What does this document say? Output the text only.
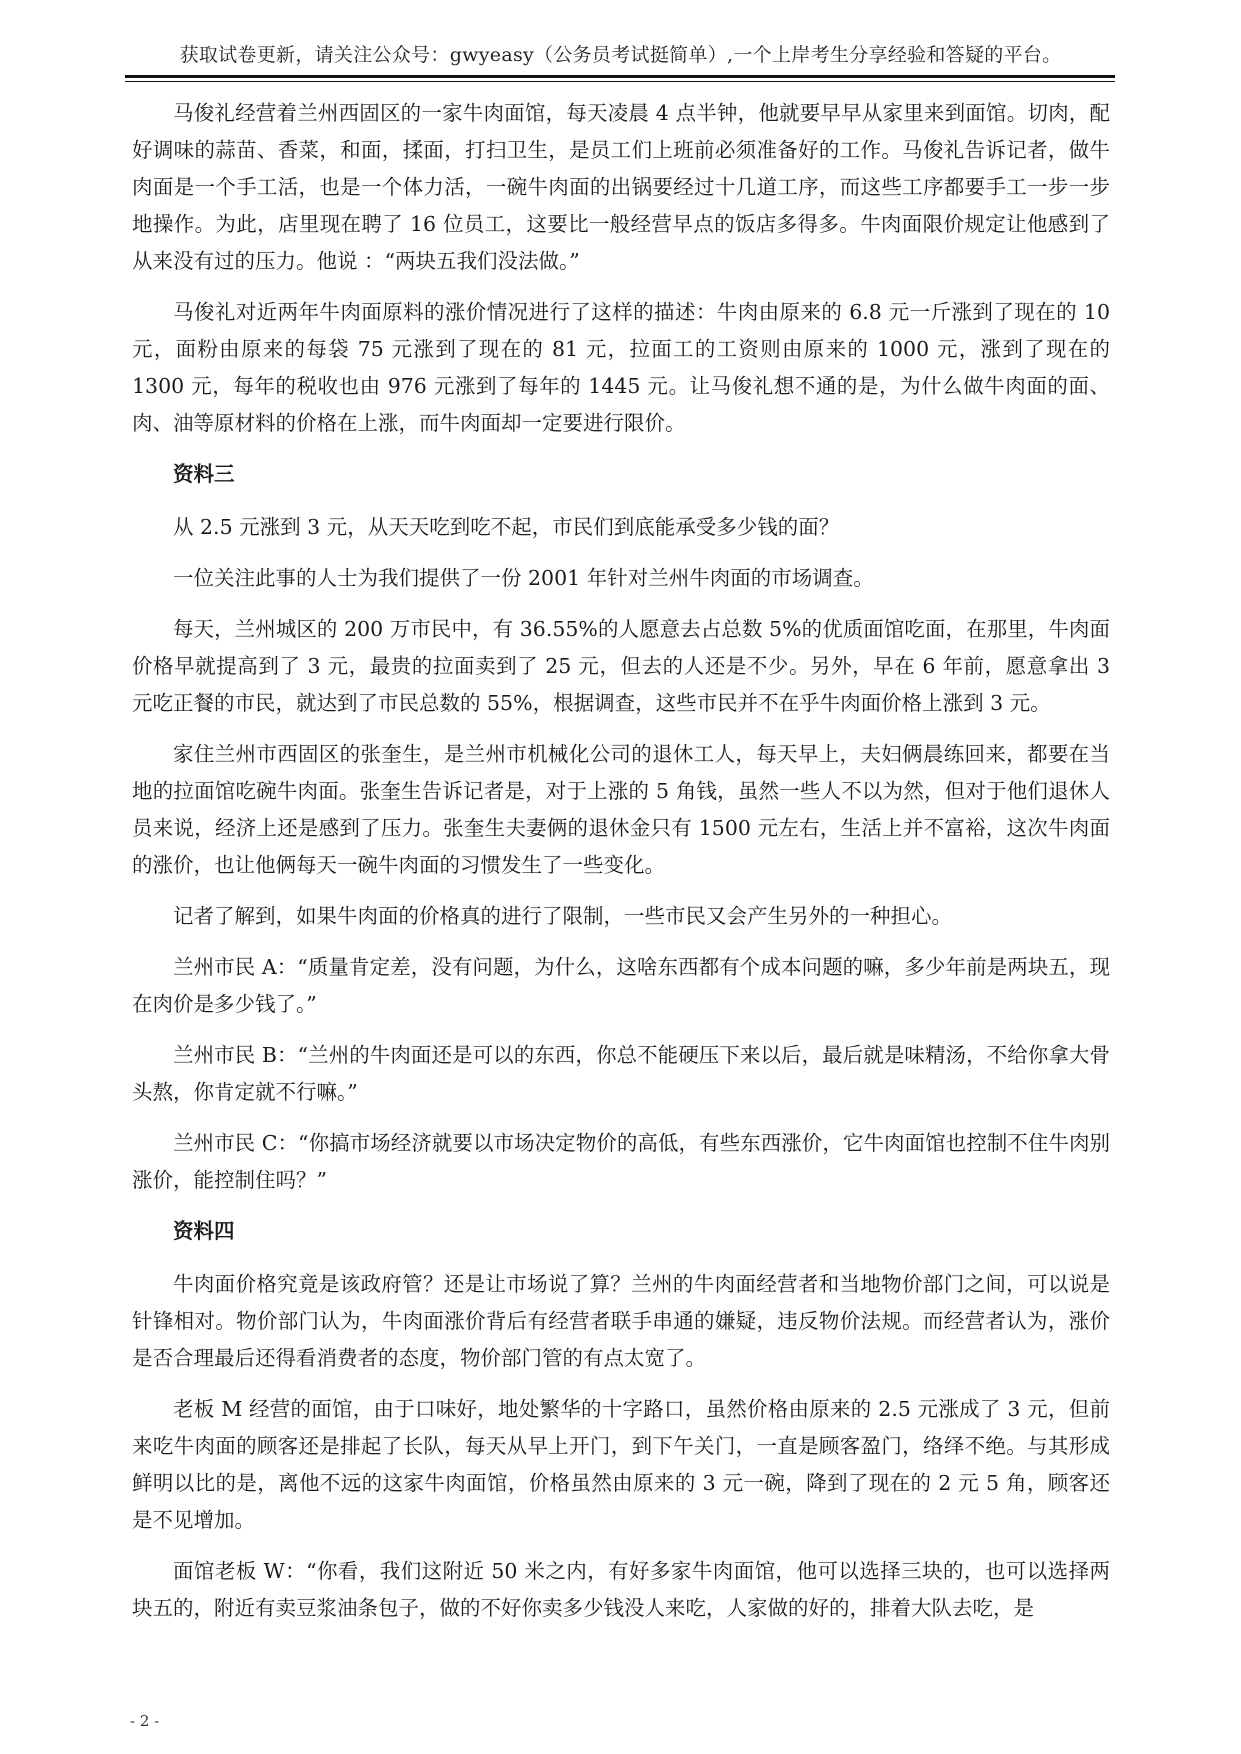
获取试卷更新，请关注公众号：gwyeasy（公务员考试挺简单）,一个上岸考生分享经验和答疑的平台。

马俊礼经营着兰州西固区的一家牛肉面馆，每天凌晨 4 点半钟，他就要早早从家里来到面馆。切肉，配好调味的蒜苗、香菜，和面，揉面，打扫卫生，是员工们上班前必须准备好的工作。马俊礼告诉记者，做牛肉面是一个手工活，也是一个体力活，一碗牛肉面的出锅要经过十几道工序，而这些工序都要手工一步一步地操作。为此，店里现在聘了 16 位员工，这要比一般经营早点的饭店多得多。牛肉面限价规定让他感到了从来没有过的压力。他说 ：“两块五我们没法做。”

马俊礼对近两年牛肉面原料的涨价情况进行了这样的描述：牛肉由原来的 6.8 元一斤涨到了现在的 10 元，面粉由原来的每袋 75 元涨到了现在的 81 元，拉面工的工资则由原来的 1000 元，涨到了现在的 1300 元，每年的税收也由 976 元涨到了每年的 1445 元。让马俊礼想不通的是，为什么做牛肉面的面、肉、油等原材料的价格在上涨，而牛肉面却一定要进行限价。

资料三

从 2.5 元涨到 3 元，从天天吃到吃不起，市民们到底能承受多少钱的面？

一位关注此事的人士为我们提供了一份 2001 年针对兰州牛肉面的市场调查。

每天，兰州城区的 200 万市民中，有 36.55%的人愿意去占总数 5%的优质面馆吃面，在那里，牛肉面价格早就提高到了 3 元，最贵的拉面卖到了 25 元，但去的人还是不少。另外，早在 6 年前，愿意拿出 3 元吃正餐的市民，就达到了市民总数的 55%，根据调查，这些市民并不在乎牛肉面价格上涨到 3 元。

家住兰州市西固区的张奎生，是兰州市机械化公司的退休工人，每天早上，夫妇俩晨练回来，都要在当地的拉面馆吃碗牛肉面。张奎生告诉记者是，对于上涨的 5 角钱，虽然一些人不以为然，但对于他们退休人员来说，经济上还是感到了压力。张奎生夫妻俩的退休金只有 1500 元左右，生活上并不富裕，这次牛肉面的涨价，也让他俩每天一碗牛肉面的习惯发生了一些变化。

记者了解到，如果牛肉面的价格真的进行了限制，一些市民又会产生另外的一种担心。

兰州市民 A：“质量肯定差，没有问题，为什么，这啥东西都有个成本问题的嘛，多少年前是两块五，现在肉价是多少钱了。”

兰州市民 B：“兰州的牛肉面还是可以的东西，你总不能硬压下来以后，最后就是味精汤，不给你拿大骨头熬，你肯定就不行嘛。”

兰州市民 C：“你搞市场经济就要以市场决定物价的高低，有些东西涨价，它牛肉面馆也控制不住牛肉别涨价，能控制住吗？”

资料四

牛肉面价格究竟是该政府管？还是让市场说了算？兰州的牛肉面经营者和当地物价部门之间，可以说是针锋相对。物价部门认为，牛肉面涨价背后有经营者联手串通的嫌疑，违反物价法规。而经营者认为，涨价是否合理最后还得看消费者的态度，物价部门管的有点太宽了。

老板 M 经营的面馆，由于口味好，地处繁华的十字路口，虽然价格由原来的 2.5 元涨成了 3 元，但前来吃牛肉面的顾客还是排起了长队，每天从早上开门，到下午关门，一直是顾客盈门，络绎不绝。与其形成鲜明以比的是，离他不远的这家牛肉面馆，价格虽然由原来的 3 元一碗，降到了现在的 2 元 5 角，顾客还是不见增加。

面馆老板 W：“你看，我们这附近 50 米之内，有好多家牛肉面馆，他可以选择三块的，也可以选择两块五的，附近有卖豆浆油条包子，做的不好你卖多少钱没人来吃，人家做的好的，排着大队去吃，是

- 2 -
